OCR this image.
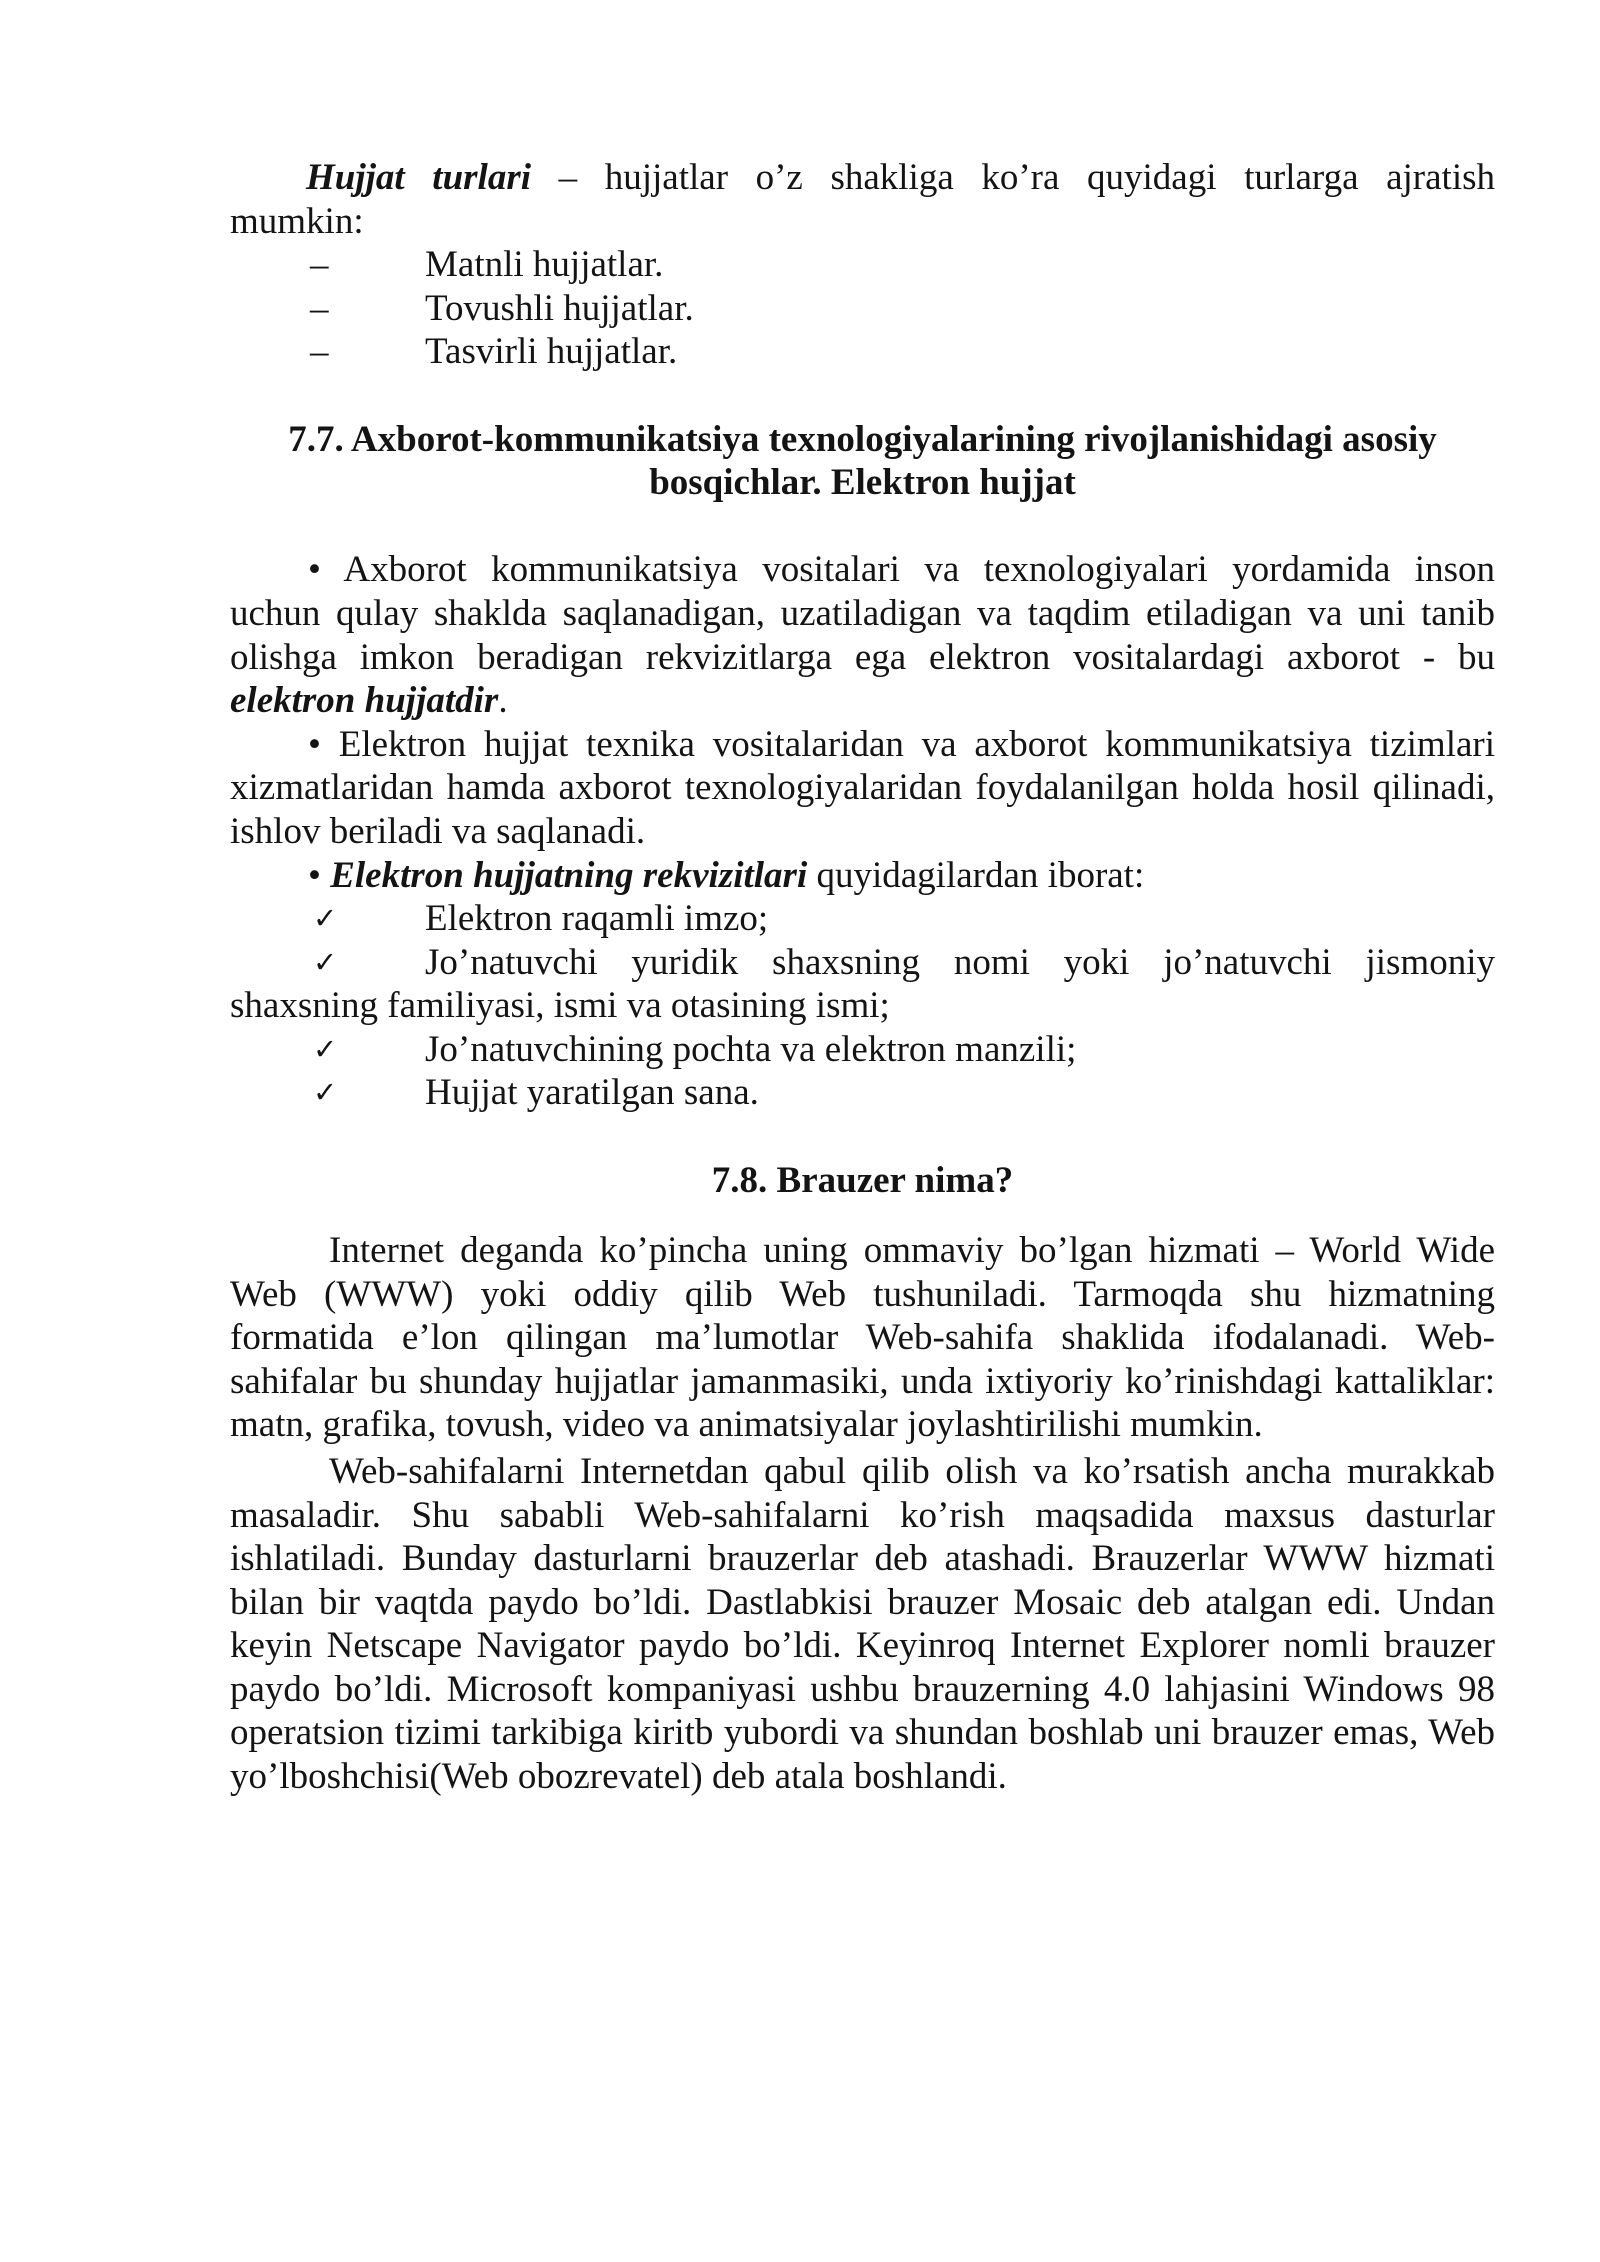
Hujjat turlari – hujjatlar o’z shakliga ko’ra quyidagi turlarga ajratish
mumkin:
–	Matnli hujjatlar.
–	Tovushli hujjatlar.
–	Tasvirli hujjatlar.
7.7. Axborot-kommunikatsiya texnologiyalarining rivojlanishidagi asosiy
bosqichlar. Elektron hujjat
• Axborot kommunikatsiya vositalari va texnologiyalari yordamida inson
uchun qulay shaklda saqlanadigan, uzatiladigan va taqdim etiladigan va uni tanib
olishga imkon beradigan rekvizitlarga ega elektron vositalardagi axborot - bu
elektron hujjatdir.
• Elektron hujjat texnika vositalaridan va axborot kommunikatsiya tizimlari
xizmatlaridan hamda axborot texnologiyalaridan foydalanilgan holda hosil qilinadi,
ishlov beriladi va saqlanadi.
• Elektron hujjatning rekvizitlari quyidagilardan iborat:
✓ Elektron raqamli imzo;
✓ Jo’natuvchi yuridik shaxsning nomi yoki jo’natuvchi jismoniy
shaxsning familiyasi, ismi va otasining ismi;
✓ Jo’natuvchining pochta va elektron manzili;
✓ Hujjat yaratilgan sana.
7.8. Brauzer nima?
Internet deganda ko’pincha uning ommaviy bo’lgan hizmati – World Wide
Web (WWW) yoki oddiy qilib Web tushuniladi. Tarmoqda shu hizmatning
formatida e’lon qilingan ma’lumotlar Web-sahifa shaklida ifodalanadi. Web-
sahifalar bu shunday hujjatlar jamanmasiki, unda ixtiyoriy ko’rinishdagi kattaliklar:
matn, grafika, tovush, video va animatsiyalar joylashtirilishi mumkin.
Web-sahifalarni Internetdan qabul qilib olish va ko’rsatish ancha murakkab
masaladir. Shu sababli Web-sahifalarni ko’rish maqsadida maxsus dasturlar
ishlatiladi. Bunday dasturlarni brauzerlar deb atashadi. Brauzerlar WWW hizmati
bilan bir vaqtda paydo bo’ldi. Dastlabkisi brauzer Mosaic deb atalgan edi. Undan
keyin Netscape Navigator paydo bo’ldi. Keyinroq Internet Explorer nomli brauzer
paydo bo’ldi. Microsoft kompaniyasi ushbu brauzerning 4.0 lahjasini Windows 98
operatsion tizimi tarkibiga kiritb yubordi va shundan boshlab uni brauzer emas, Web
yo’lboshchisi(Web obozrevatel) deb atala boshlandi.
